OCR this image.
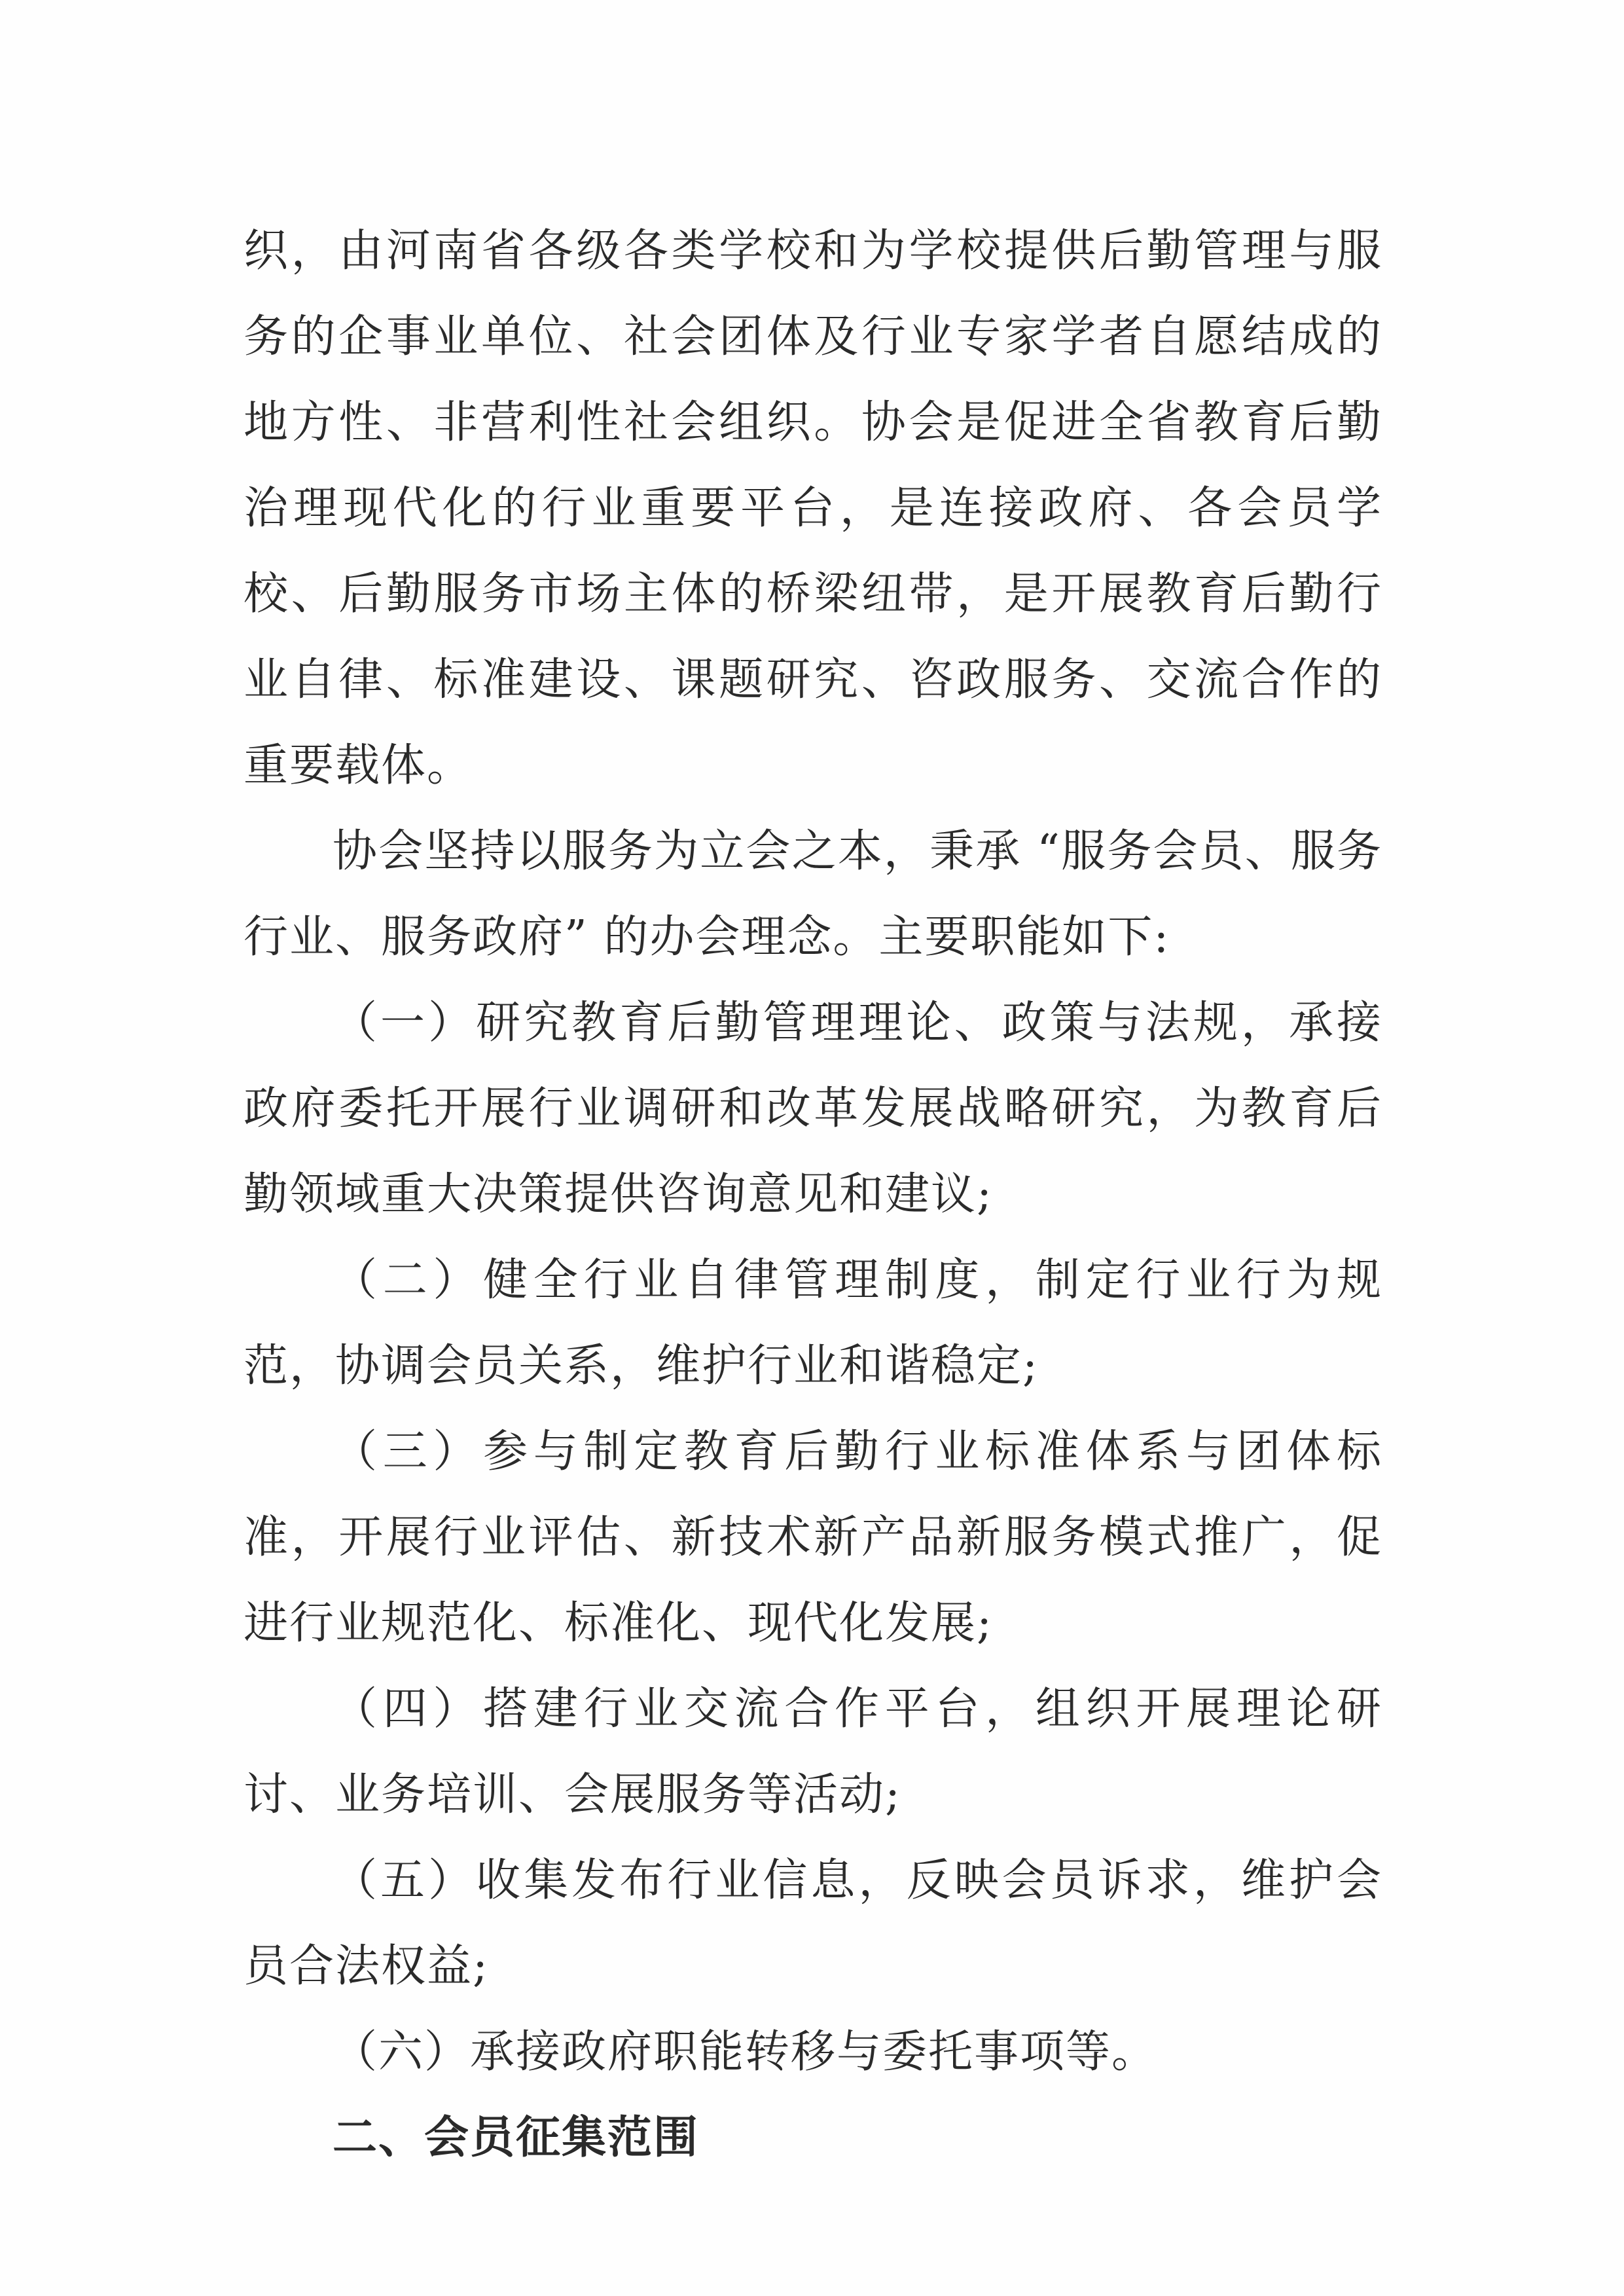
织，由河南省各级各类学校和为学校提供后勤管理与服务的企事业单位、社会团体及行业专家学者自愿结成的地方性、非营利性社会组织。协会是促进全省教育后勤治理现代化的行业重要平台，是连接政府、各会员学校、后勤服务市场主体的桥梁纽带，是开展教育后勤行业自律、标准建设、课题研究、咨政服务、交流合作的重要载体。

协会坚持以服务为立会之本，秉承 “服务会员、服务行业、服务政府” 的办会理念。主要职能如下:

（一）研究教育后勤管理理论、政策与法规，承接政府委托开展行业调研和改革发展战略研究，为教育后勤领域重大决策提供咨询意见和建议;

（二）健全行业自律管理制度，制定行业行为规范，协调会员关系，维护行业和谐稳定;

（三）参与制定教育后勤行业标准体系与团体标准，开展行业评估、新技术新产品新服务模式推广，促进行业规范化、标准化、现代化发展;

（四）搭建行业交流合作平台，组织开展理论研讨、业务培训、会展服务等活动;

（五）收集发布行业信息，反映会员诉求，维护会员合法权益;

（六）承接政府职能转移与委托事项等。

二、会员征集范围
